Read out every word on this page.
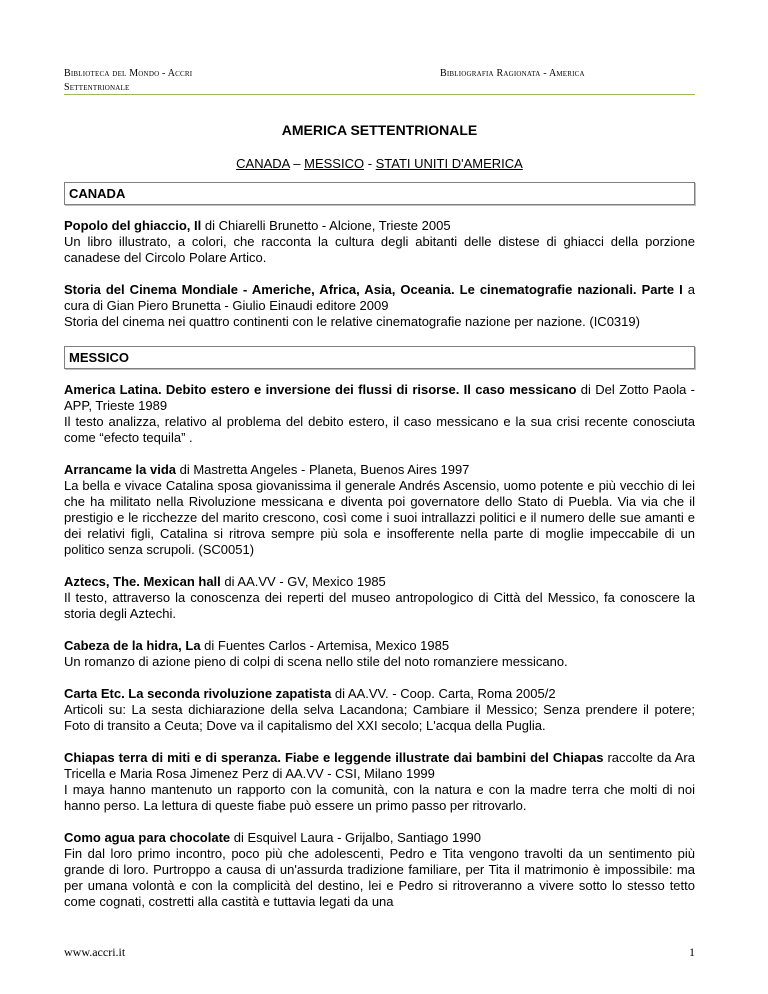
Biblioteca del Mondo - Accri
Settentrionale
Bibliografia Ragionata - America
AMERICA SETTENTRIONALE
CANADA – MESSICO - STATI UNITI D'AMERICA
CANADA
Popolo del ghiaccio, Il di Chiarelli Brunetto - Alcione, Trieste 2005
Un libro illustrato, a colori, che racconta la cultura degli abitanti delle distese di ghiacci della porzione canadese del Circolo Polare Artico.
Storia del Cinema Mondiale - Americhe, Africa, Asia, Oceania. Le cinematografie nazionali. Parte I a cura di Gian Piero Brunetta - Giulio Einaudi editore 2009
Storia del cinema nei quattro continenti con le relative cinematografie nazione per nazione. (IC0319)
MESSICO
America Latina. Debito estero e inversione dei flussi di risorse. Il caso messicano di Del Zotto Paola - APP, Trieste 1989
Il testo analizza, relativo al problema del debito estero, il caso messicano e la sua crisi recente conosciuta come “efecto tequila” .
Arrancame la vida di Mastretta Angeles - Planeta, Buenos Aires 1997
La bella e vivace Catalina sposa giovanissima il generale Andrés Ascensio, uomo potente e più vecchio di lei che ha militato nella Rivoluzione messicana e diventa poi governatore dello Stato di Puebla. Via via che il prestigio e le ricchezze del marito crescono, così come i suoi intrallazzi politici e il numero delle sue amanti e dei relativi figli, Catalina si ritrova sempre più sola e insofferente nella parte di moglie impeccabile di un politico senza scrupoli. (SC0051)
Aztecs, The. Mexican hall di AA.VV - GV, Mexico 1985
Il testo, attraverso la conoscenza dei reperti del museo antropologico di Città del Messico, fa conoscere la storia degli Aztechi.
Cabeza de la hidra, La di Fuentes Carlos - Artemisa, Mexico 1985
Un romanzo di azione pieno di colpi di scena nello stile del noto romanziere messicano.
Carta Etc. La seconda rivoluzione zapatista di AA.VV. - Coop. Carta, Roma 2005/2
Articoli su: La sesta dichiarazione della selva Lacandona; Cambiare il Messico; Senza prendere il potere; Foto di transito a Ceuta; Dove va il capitalismo del XXI secolo; L'acqua della Puglia.
Chiapas terra di miti e di speranza. Fiabe e leggende illustrate dai bambini del Chiapas raccolte da Ara Tricella e Maria Rosa Jimenez Perz di AA.VV - CSI, Milano 1999
I maya hanno mantenuto un rapporto con la comunità, con la natura e con la madre terra che molti di noi hanno perso. La lettura di queste fiabe può essere un primo passo per ritrovarlo.
Como agua para chocolate di Esquivel Laura - Grijalbo, Santiago 1990
Fin dal loro primo incontro, poco più che adolescenti, Pedro e Tita vengono travolti da un sentimento più grande di loro. Purtroppo a causa di un'assurda tradizione familiare, per Tita il matrimonio è impossibile: ma per umana volontà e con la complicità del destino, lei e Pedro si ritroveranno a vivere sotto lo stesso tetto come cognati, costretti alla castità e tuttavia legati da una
www.accri.it	1
